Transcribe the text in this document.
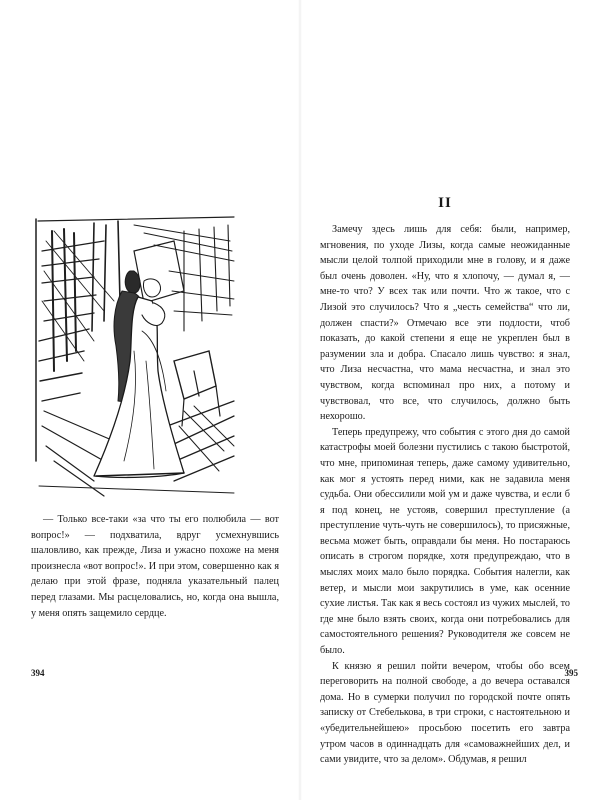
— Только все-таки «за что ты его полюбила — вот вопрос!» — подхватила, вдруг усмехнувшись шаловливо, как прежде, Лиза и ужасно похоже на меня произнесла «вот вопрос!». И при этом, совершенно как я делаю при этой фразе, подняла указательный палец перед глазами. Мы расцеловались, но, когда она вышла, у меня опять защемило сердце.

394
II

Замечу здесь лишь для себя: были, например, мгновения, по уходе Лизы, когда самые неожиданные мысли целой толпой приходили мне в голову, и я даже был очень доволен. «Ну, что я хлопочу, — думал я, — мне-то что? У всех так или почти. Что ж такое, что с Лизой это случилось? Что я „честь семейства“ что ли, должен спасти?» Отмечаю все эти подлости, чтоб показать, до какой степени я еще не укреплен был в разумении зла и добра. Спасало лишь чувство: я знал, что Лиза несчастна, что мама несчастна, и знал это чувством, когда вспоминал про них, а потому и чувствовал, что все, что случилось, должно быть нехорошо.

Теперь предупрежу, что события с этого дня до самой катастрофы моей болезни пустились с такою быстротой, что мне, припоминая теперь, даже самому удивительно, как мог я устоять перед ними, как не задавила меня судьба. Они обессилили мой ум и даже чувства, и если б я под конец, не устояв, совершил преступление (а преступление чуть-чуть не совершилось), то присяжные, весьма может быть, оправдали бы меня. Но постараюсь описать в строгом порядке, хотя предупреждаю, что в мыслях моих мало было порядка. События налегли, как ветер, и мысли мои закрутились в уме, как осенние сухие листья. Так как я весь состоял из чужих мыслей, то где мне было взять своих, когда они потребовались для самостоятельного решения? Руководителя же совсем не было.

К князю я решил пойти вечером, чтобы обо всем переговорить на полной свободе, а до вечера оставался дома. Но в сумерки получил по городской почте опять записку от Стебелькова, в три строки, с настоятельною и «убедительнейшею» просьбою посетить его завтра утром часов в одиннадцать для «самоважнейших дел, и сами увидите, что за делом». Обдумав, я решил

395
